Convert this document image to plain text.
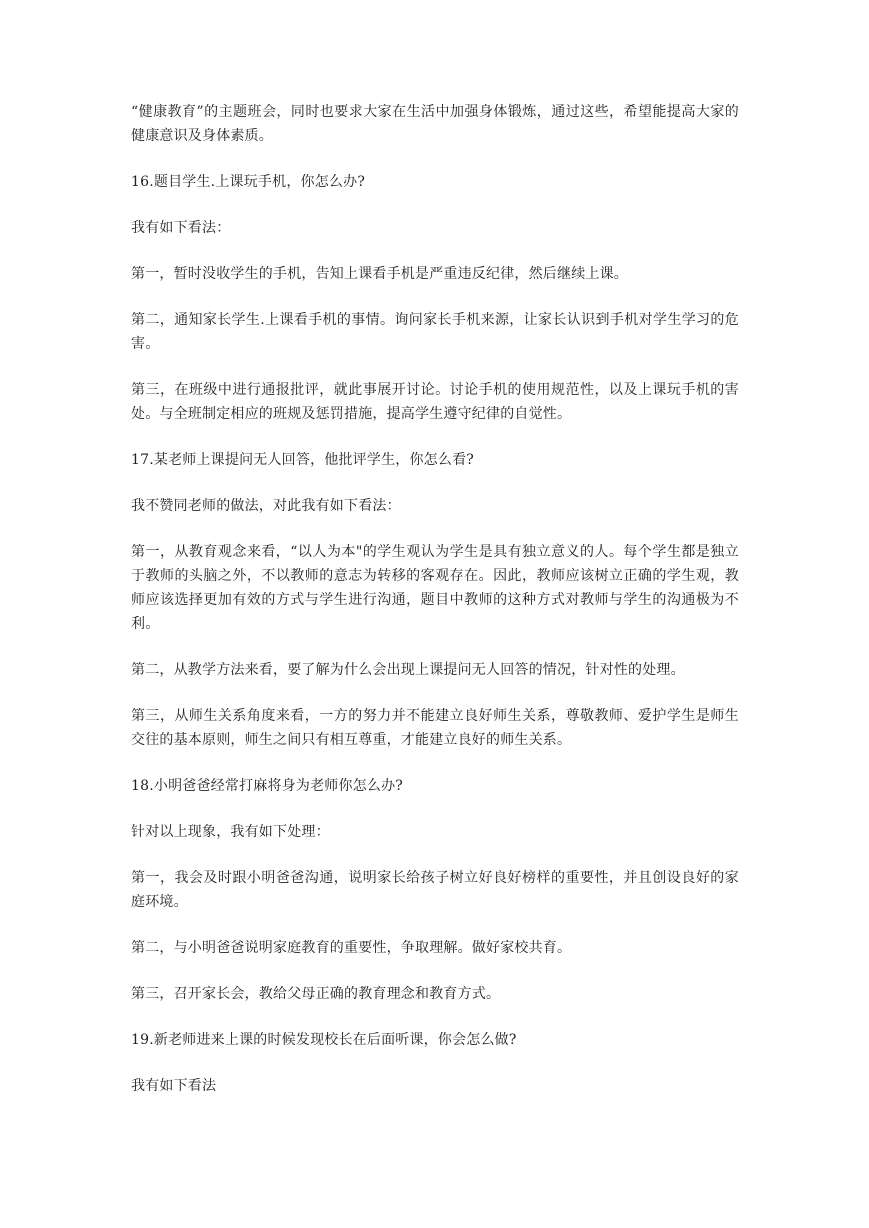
“健康教育”的主题班会，同时也要求大家在生活中加强身体锻炼，通过这些，希望能提高大家的健康意识及身体素质。

16.题目学生.上课玩手机，你怎么办?

我有如下看法：

第一，暂时没收学生的手机，告知上课看手机是严重违反纪律，然后继续上课。

第二，通知家长学生.上课看手机的事情。询问家长手机来源，让家长认识到手机对学生学习的危害。

第三，在班级中进行通报批评，就此事展开讨论。讨论手机的使用规范性，以及上课玩手机的害处。与全班制定相应的班规及惩罚措施，提高学生遵守纪律的自觉性。

17.某老师上课提问无人回答，他批评学生，你怎么看?

我不赞同老师的做法，对此我有如下看法：

第一，从教育观念来看，“以人为本"的学生观认为学生是具有独立意义的人。每个学生都是独立于教师的头脑之外，不以教师的意志为转移的客观存在。因此，教师应该树立正确的学生观，教师应该选择更加有效的方式与学生进行沟通，题目中教师的这种方式对教师与学生的沟通极为不利。

第二，从教学方法来看，要了解为什么会出现上课提问无人回答的情况，针对性的处理。

第三，从师生关系角度来看，一方的努力并不能建立良好师生关系，尊敬教师、爱护学生是师生交往的基本原则，师生之间只有相互尊重，才能建立良好的师生关系。

18.小明爸爸经常打麻将身为老师你怎么办?

针对以上现象，我有如下处理：

第一，我会及时跟小明爸爸沟通，说明家长给孩子树立好良好榜样的重要性，并且创设良好的家庭环境。

第二，与小明爸爸说明家庭教育的重要性，争取理解。做好家校共育。

第三，召开家长会，教给父母正确的教育理念和教育方式。

19.新老师进来上课的时候发现校长在后面听课，你会怎么做?

我有如下看法
